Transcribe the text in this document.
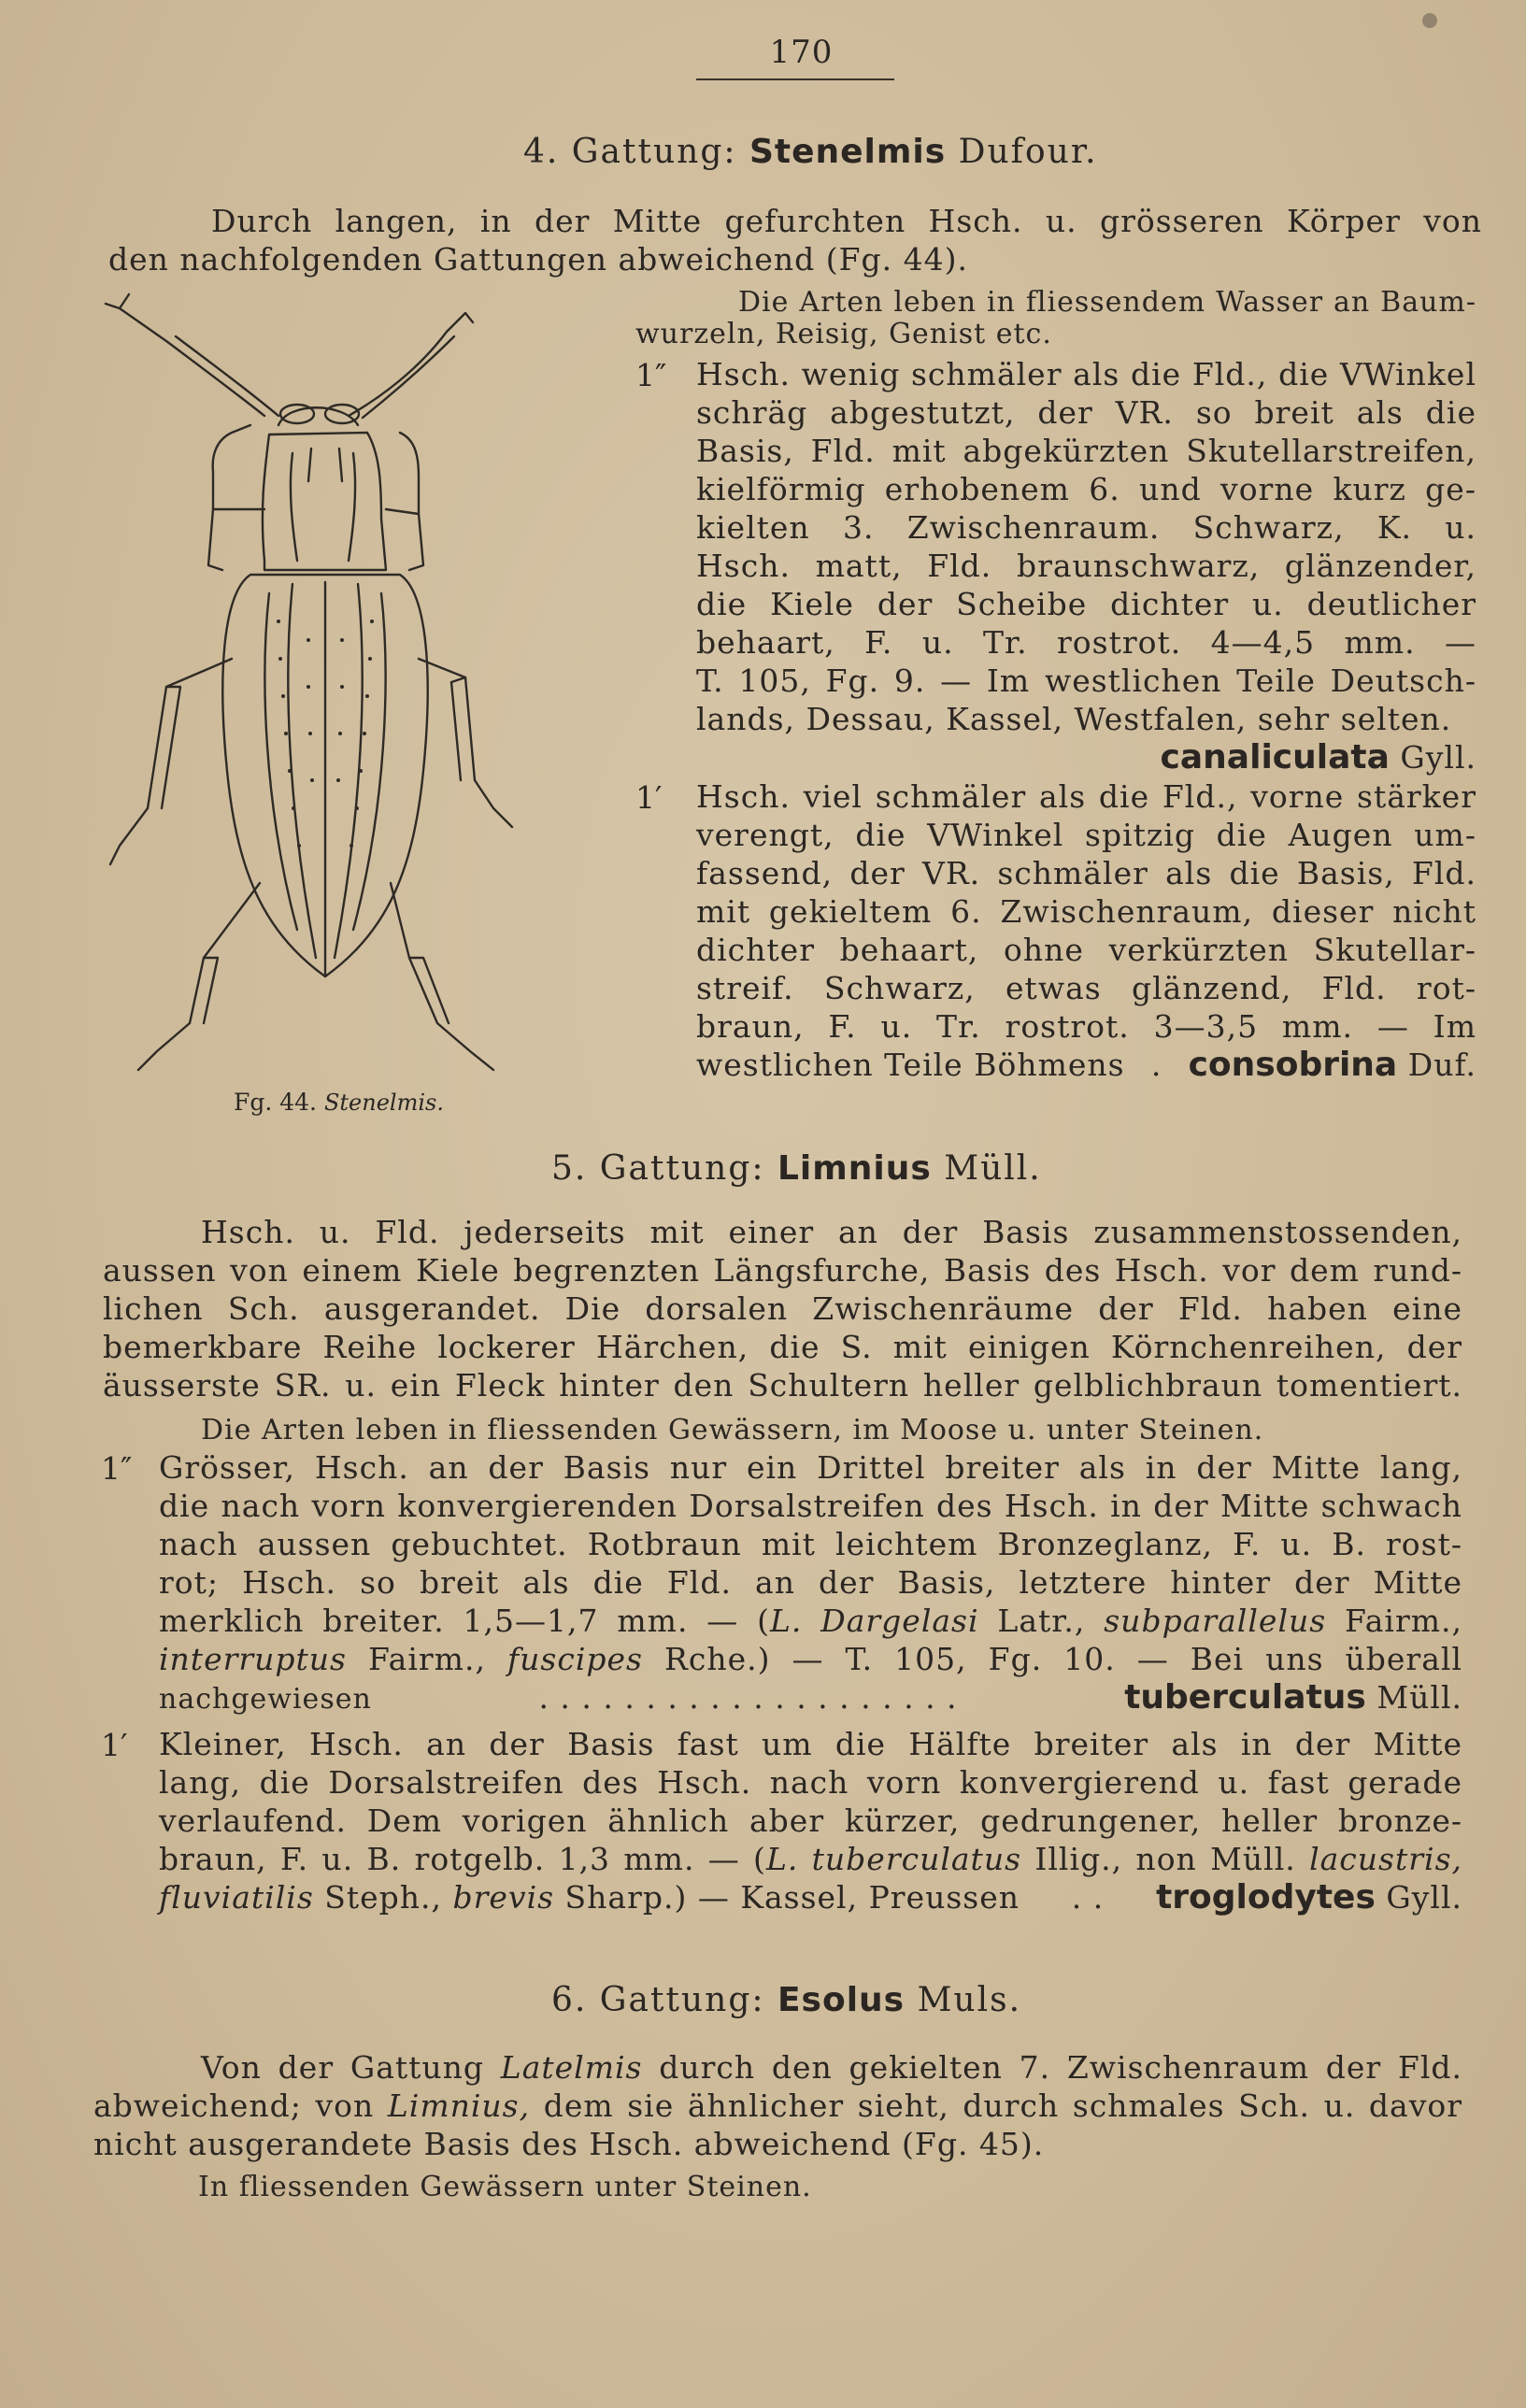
170
4. Gattung: Stenelmis Dufour.
Durch langen, in der Mitte gefurchten Hsch. u. grösseren Körper von
den nachfolgenden Gattungen abweichend (Fg. 44).
Fg. 44. Stenelmis.
Die Arten leben in fliessendem Wasser an Baum-
wurzeln, Reisig, Genist etc.
1″ Hsch. wenig schmäler als die Fld., die VWinkel
schräg abgestutzt, der VR. so breit als die
Basis, Fld. mit abgekürzten Skutellarstreifen,
kielförmig erhobenem 6. und vorne kurz ge-
kielten 3. Zwischenraum. Schwarz, K. u.
Hsch. matt, Fld. braunschwarz, glänzender,
die Kiele der Scheibe dichter u. deutlicher
behaart, F. u. Tr. rostrot. 4—4,5 mm. —
T. 105, Fg. 9. — Im westlichen Teile Deutsch-
lands, Dessau, Kassel, Westfalen, sehr selten.
canaliculata Gyll.
1′ Hsch. viel schmäler als die Fld., vorne stärker
verengt, die VWinkel spitzig die Augen um-
fassend, der VR. schmäler als die Basis, Fld.
mit gekieltem 6. Zwischenraum, dieser nicht
dichter behaart, ohne verkürzten Skutellar-
streif. Schwarz, etwas glänzend, Fld. rot-
braun, F. u. Tr. rostrot. 3—3,5 mm. — Im
westlichen Teile Böhmens . consobrina Duf.
5. Gattung: Limnius Müll.
Hsch. u. Fld. jederseits mit einer an der Basis zusammenstossenden,
aussen von einem Kiele begrenzten Längsfurche, Basis des Hsch. vor dem rund-
lichen Sch. ausgerandet. Die dorsalen Zwischenräume der Fld. haben eine
bemerkbare Reihe lockerer Härchen, die S. mit einigen Körnchenreihen, der
äusserste SR. u. ein Fleck hinter den Schultern heller gelblichbraun tomentiert.
Die Arten leben in fliessenden Gewässern, im Moose u. unter Steinen.
1″ Grösser, Hsch. an der Basis nur ein Drittel breiter als in der Mitte lang,
die nach vorn konvergierenden Dorsalstreifen des Hsch. in der Mitte schwach
nach aussen gebuchtet. Rotbraun mit leichtem Bronzeglanz, F. u. B. rost-
rot; Hsch. so breit als die Fld. an der Basis, letztere hinter der Mitte
merklich breiter. 1,5—1,7 mm. — (L. Dargelasi Latr., subparallelus Fairm.,
interruptus Fairm., fuscipes Rche.) — T. 105, Fg. 10. — Bei uns überall
nachgewiesen	. . . . . . . . . . . . . . . . . . . .	tuberculatus Müll.
1′ Kleiner, Hsch. an der Basis fast um die Hälfte breiter als in der Mitte
lang, die Dorsalstreifen des Hsch. nach vorn konvergierend u. fast gerade
verlaufend. Dem vorigen ähnlich aber kürzer, gedrungener, heller bronze-
braun, F. u. B. rotgelb. 1,3 mm. — (L. tuberculatus Illig., non Müll. lacustris,
fluviatilis Steph., brevis Sharp.) — Kassel, Preussen . . troglodytes Gyll.
6. Gattung: Esolus Muls.
Von der Gattung Latelmis durch den gekielten 7. Zwischenraum der Fld.
abweichend; von Limnius, dem sie ähnlicher sieht, durch schmales Sch. u. davor
nicht ausgerandete Basis des Hsch. abweichend (Fg. 45).
In fliessenden Gewässern unter Steinen.
